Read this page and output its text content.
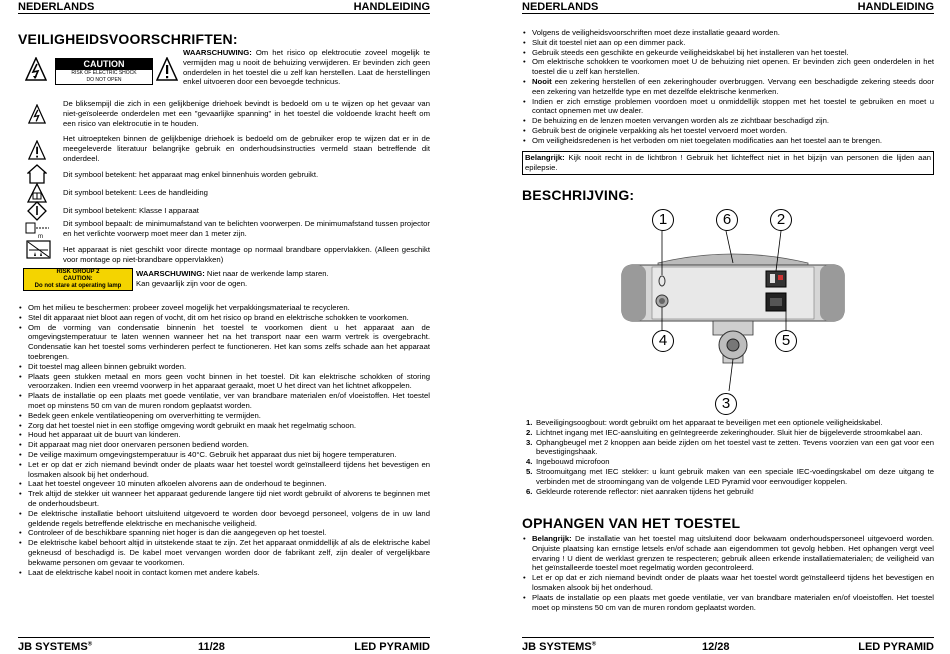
NEDERLANDS	HANDLEIDING
VEILIGHEIDSVOORSCHRIFTEN:
CAUTION
RISK OF ELECTRIC SHOCK
DO NOT OPEN
WAARSCHUWING: Om het risico op elektrocutie zoveel mogelijk te vermijden mag u nooit de behuizing verwijderen. Er bevinden zich geen onderdelen in het toestel die u zelf kan herstellen. Laat de herstellingen enkel uitvoeren door een bevoegde technicus.
De bliksempijl die zich in een gelijkbenige driehoek bevindt is bedoeld om u te wijzen op het gevaar van niet-geïsoleerde onderdelen met een "gevaarlijke spanning" in het toestel die voldoende kracht heeft om een risico van elektrocutie in te houden.
Het uitroepteken binnen de gelijkbenige driehoek is bedoeld om de gebruiker erop te wijzen dat er in de meegeleverde literatuur belangrijke gebruik en onderhoudsinstructies vermeld staan betreffende dit onderdeel.
Dit symbool betekent: het apparaat mag enkel binnenhuis worden gebruikt.
Dit symbool betekent: Lees de handleiding
Dit symbool betekent: Klasse I apparaat
m
Dit symbool bepaalt: de minimumafstand van te belichten voorwerpen. De minimumafstand tussen projector en het verlichte voorwerp moet meer dan 1 meter zijn.
Het apparaat is niet geschikt voor directe montage op normaal brandbare oppervlakken. (Alleen geschikt voor montage op niet-brandbare oppervlakken)
RISK GROUP 2
CAUTION:
Do not stare at operating lamp
WAARSCHUWING: Niet naar de werkende lamp staren.
Kan gevaarlijk zijn voor de ogen.
• Om het milieu te beschermen: probeer zoveel mogelijk het verpakkingsmateriaal te recycleren.
• Stel dit apparaat niet bloot aan regen of vocht, dit om het risico op brand en elektrische schokken te voorkomen.
• Om de vorming van condensatie binnenin het toestel te voorkomen dient u het apparaat aan de omgevingstemperatuur te laten wennen wanneer het na het transport naar een warm vertrek is overgebracht. Condensatie kan het toestel soms verhinderen perfect te functioneren. Het kan soms zelfs schade aan het apparaat toebrengen.
• Dit toestel mag alleen binnen gebruikt worden.
• Plaats geen stukken metaal en mors geen vocht binnen in het toestel. Dit kan elektrische schokken of storing veroorzaken. Indien een vreemd voorwerp in het apparaat geraakt, moet U het direct van het lichtnet afkoppelen.
• Plaats de installatie op een plaats met goede ventilatie, ver van brandbare materialen en/of vloeistoffen. Het toestel moet op minstens 50 cm van de muren rondom geplaatst worden.
• Bedek geen enkele ventilatieopening om oververhitting te vermijden.
• Zorg dat het toestel niet in een stoffige omgeving wordt gebruikt en maak het regelmatig schoon.
• Houd het apparaat uit de buurt van kinderen.
• Dit apparaat mag niet door onervaren personen bediend worden.
• De veilige maximum omgevingstemperatuur is 40°C. Gebruik het apparaat dus niet bij hogere temperaturen.
• Let er op dat er zich niemand bevindt onder de plaats waar het toestel wordt geïnstalleerd tijdens het bevestigen en losmaken alsook bij het onderhoud.
• Laat het toestel ongeveer 10 minuten afkoelen alvorens aan de onderhoud te beginnen.
• Trek altijd de stekker uit wanneer het apparaat gedurende langere tijd niet wordt gebruikt of alvorens te beginnen met de onderhoudsbeurt.
• De elektrische installatie behoort uitsluitend uitgevoerd te worden door bevoegd personeel, volgens de in uw land geldende regels betreffende elektrische en mechanische veiligheid.
• Controleer of de beschikbare spanning niet hoger is dan die aangegeven op het toestel.
• De elektrische kabel behoort altijd in uitstekende staat te zijn. Zet het apparaat onmiddellijk af als de elektrische kabel gekneusd of beschadigd is. De kabel moet vervangen worden door de fabrikant zelf, zijn dealer of vergelijkbare bekwame personen om gevaar te voorkomen.
• Laat de elektrische kabel nooit in contact komen met andere kabels.
JB SYSTEMS®	11/28	LED PYRAMID
NEDERLANDS	HANDLEIDING
• Volgens de veiligheidsvoorschriften moet deze installatie geaard worden.
• Sluit dit toestel niet aan op een dimmer pack.
• Gebruik steeds een geschikte en gekeurde veiligheidskabel bij het installeren van het toestel.
• Om elektrische schokken te voorkomen moet U de behuizing niet openen. Er bevinden zich geen onderdelen in het toestel die u zelf kan herstellen.
• Nooit een zekering herstellen of een zekeringhouder overbruggen. Vervang een beschadigde zekering steeds door een zekering van hetzelfde type en met dezelfde elektrische kenmerken.
• Indien er zich ernstige problemen voordoen moet u onmiddellijk stoppen met het toestel te gebruiken en moet u contact opnemen met uw dealer.
• De behuizing en de lenzen moeten vervangen worden als ze zichtbaar beschadigd zijn.
• Gebruik best de originele verpakking als het toestel vervoerd moet worden.
• Om veiligheidsredenen is het verboden om niet toegelaten modificaties aan het toestel aan te brengen.
Belangrijk: Kijk nooit recht in de lichtbron ! Gebruik het lichteffect niet in het bijzijn van personen die lijden aan epilepsie.
BESCHRIJVING:
1	6	2
4	5
3
1. Beveiligingsoogbout: wordt gebruikt om het apparaat te beveiligen met een optionele veiligheidskabel.
2. Lichtnet ingang met IEC-aansluiting en geïntegreerde zekeringhouder. Sluit hier de bijgeleverde stroomkabel aan.
3. Ophangbeugel met 2 knoppen aan beide zijden om het toestel vast te zetten. Tevens voorzien van een gat voor een bevestigingshaak.
4. Ingebouwd microfoon
5. Stroomuitgang met IEC stekker: u kunt gebruik maken van een speciale IEC-voedingskabel om deze uitgang te verbinden met de stroomingang van de volgende LED Pyramid voor eenvoudiger koppelen.
6. Gekleurde roterende reflector: niet aanraken tijdens het gebruik!
OPHANGEN VAN HET TOESTEL
• Belangrijk: De installatie van het toestel mag uitsluitend door bekwaam onderhoudspersoneel uitgevoerd worden. Onjuiste plaatsing kan ernstige letsels en/of schade aan eigendommen tot gevolg hebben. Het ophangen vergt veel ervaring ! U dient de werklast grenzen te respecteren; gebruik alleen erkende installatiematerialen; de veiligheid van het geïnstalleerde toestel moet regelmatig worden gecontroleerd.
• Let er op dat er zich niemand bevindt onder de plaats waar het toestel wordt geïnstalleerd tijdens het bevestigen en losmaken alsook bij het onderhoud.
• Plaats de installatie op een plaats met goede ventilatie, ver van brandbare materialen en/of vloeistoffen. Het toestel moet op minstens 50 cm van de muren rondom geplaatst worden.
JB SYSTEMS®	12/28	LED PYRAMID
